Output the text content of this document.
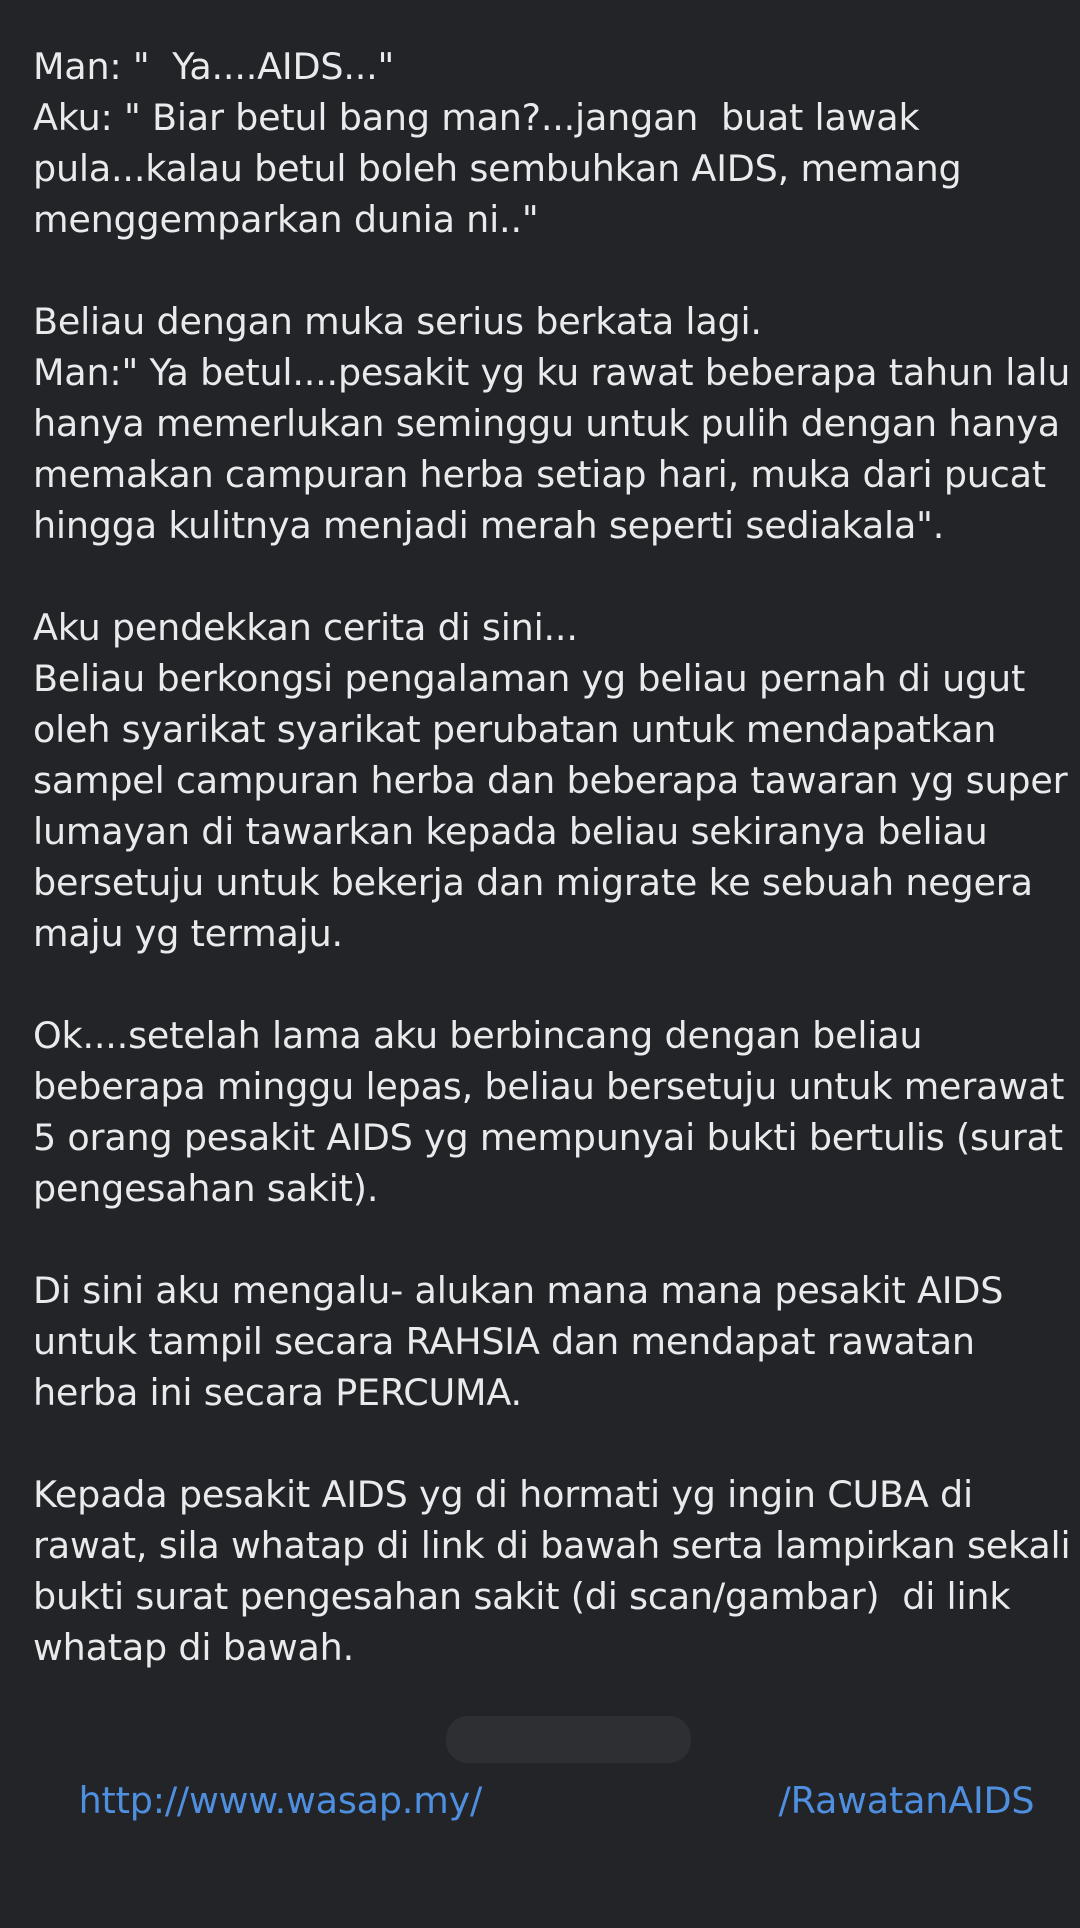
Man: "  Ya....AIDS..."
Aku: " Biar betul bang man?...jangan  buat lawak
pula...kalau betul boleh sembuhkan AIDS, memang
menggemparkan dunia ni.."
Beliau dengan muka serius berkata lagi.
Man:" Ya betul....pesakit yg ku rawat beberapa tahun lalu
hanya memerlukan seminggu untuk pulih dengan hanya
memakan campuran herba setiap hari, muka dari pucat
hingga kulitnya menjadi merah seperti sediakala".
Aku pendekkan cerita di sini...
Beliau berkongsi pengalaman yg beliau pernah di ugut
oleh syarikat syarikat perubatan untuk mendapatkan
sampel campuran herba dan beberapa tawaran yg super
lumayan di tawarkan kepada beliau sekiranya beliau
bersetuju untuk bekerja dan migrate ke sebuah negera
maju yg termaju.
Ok....setelah lama aku berbincang dengan beliau
beberapa minggu lepas, beliau bersetuju untuk merawat
5 orang pesakit AIDS yg mempunyai bukti bertulis (surat
pengesahan sakit).
Di sini aku mengalu- alukan mana mana pesakit AIDS
untuk tampil secara RAHSIA dan mendapat rawatan
herba ini secara PERCUMA.
Kepada pesakit AIDS yg di hormati yg ingin CUBA di
rawat, sila whatap di link di bawah serta lampirkan sekali
bukti surat pengesahan sakit (di scan/gambar)  di link
whatap di bawah.

http://www.wasap.my/                          /RawatanAIDS
